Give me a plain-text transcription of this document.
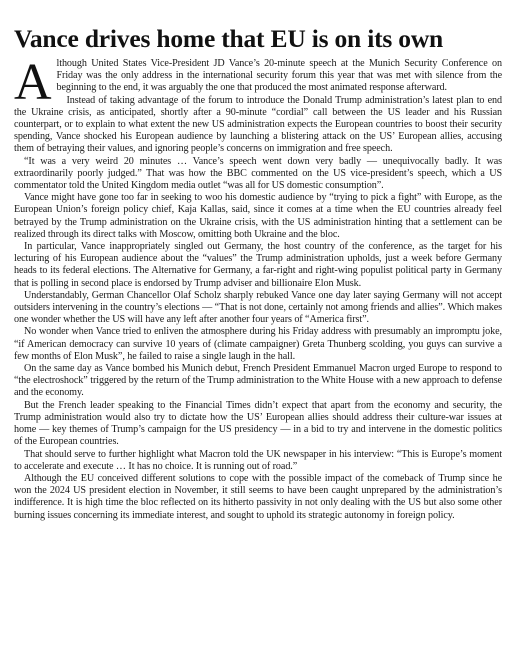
Vance drives home that EU is on its own

Although United States Vice-President JD Vance’s 20-minute speech at the Munich Security Conference on Friday was the only address in the international security forum this year that was met with silence from the beginning to the end, it was arguably the one that produced the most animated response afterward.

Instead of taking advantage of the forum to introduce the Donald Trump administration’s latest plan to end the Ukraine crisis, as anticipated, shortly after a 90-minute “cordial” call between the US leader and his Russian counterpart, or to explain to what extent the new US administration expects the European countries to boost their security spending, Vance shocked his European audience by launching a blistering attack on the US’ European allies, accusing them of betraying their values, and ignoring people’s concerns on immigration and free speech.

“It was a very weird 20 minutes … Vance’s speech went down very badly — unequivocally badly. It was extraordinarily poorly judged.” That was how the BBC commented on the US vice-president’s speech, which a US commentator told the United Kingdom media outlet “was all for US domestic consumption”.

Vance might have gone too far in seeking to woo his domestic audience by “trying to pick a fight” with Europe, as the European Union’s foreign policy chief, Kaja Kallas, said, since it comes at a time when the EU countries already feel betrayed by the Trump administration on the Ukraine crisis, with the US administration hinting that a settlement can be realized through its direct talks with Moscow, omitting both Ukraine and the bloc.

In particular, Vance inappropriately singled out Germany, the host country of the conference, as the target for his lecturing of his European audience about the “values” the Trump administration upholds, just a week before Germany heads to its federal elections. The Alternative for Germany, a far-right and right-wing populist political party in Germany that is polling in second place is endorsed by Trump adviser and billionaire Elon Musk.

Understandably, German Chancellor Olaf Scholz sharply rebuked Vance one day later saying Germany will not accept outsiders intervening in the country’s elections — “That is not done, certainly not among friends and allies”. Which makes one wonder whether the US will have any left after another four years of “America first”.

No wonder when Vance tried to enliven the atmosphere during his Friday address with presumably an impromptu joke, “if American democracy can survive 10 years of (climate campaigner) Greta Thunberg scolding, you guys can survive a few months of Elon Musk”, he failed to raise a single laugh in the hall.

On the same day as Vance bombed his Munich debut, French President Emmanuel Macron urged Europe to respond to “the electroshock” triggered by the return of the Trump administration to the White House with a new approach to defense and the economy.

But the French leader speaking to the Financial Times didn’t expect that apart from the economy and security, the Trump administration would also try to dictate how the US’ European allies should address their culture-war issues at home — key themes of Trump’s campaign for the US presidency — in a bid to try and intervene in the domestic politics of the European countries.

That should serve to further highlight what Macron told the UK newspaper in his interview: “This is Europe’s moment to accelerate and execute … It has no choice. It is running out of road.”

Although the EU conceived different solutions to cope with the possible impact of the comeback of Trump since he won the 2024 US president election in November, it still seems to have been caught unprepared by the administration’s indifference. It is high time the bloc reflected on its hitherto passivity in not only dealing with the US but also some other burning issues concerning its immediate interest, and sought to uphold its strategic autonomy in foreign policy.
